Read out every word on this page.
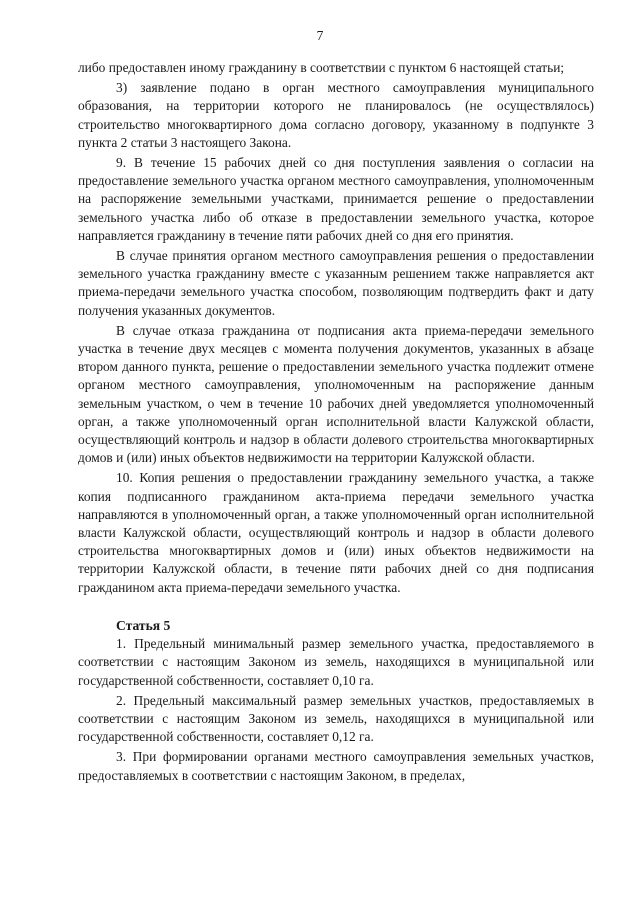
7

либо предоставлен иному гражданину в соответствии с пунктом 6 настоящей статьи;

3) заявление подано в орган местного самоуправления муниципального образования, на территории которого не планировалось (не осуществлялось) строительство многоквартирного дома согласно договору, указанному в подпункте 3 пункта 2 статьи 3 настоящего Закона.

9. В течение 15 рабочих дней со дня поступления заявления о согласии на предоставление земельного участка органом местного самоуправления, уполномоченным на распоряжение земельными участками, принимается решение о предоставлении земельного участка либо об отказе в предоставлении земельного участка, которое направляется гражданину в течение пяти рабочих дней со дня его принятия.

В случае принятия органом местного самоуправления решения о предоставлении земельного участка гражданину вместе с указанным решением также направляется акт приема-передачи земельного участка способом, позволяющим подтвердить факт и дату получения указанных документов.

В случае отказа гражданина от подписания акта приема-передачи земельного участка в течение двух месяцев с момента получения документов, указанных в абзаце втором данного пункта, решение о предоставлении земельного участка подлежит отмене органом местного самоуправления, уполномоченным на распоряжение данным земельным участком, о чем в течение 10 рабочих дней уведомляется уполномоченный орган, а также уполномоченный орган исполнительной власти Калужской области, осуществляющий контроль и надзор в области долевого строительства многоквартирных домов и (или) иных объектов недвижимости на территории Калужской области.

10. Копия решения о предоставлении гражданину земельного участка, а также копия подписанного гражданином акта-приема передачи земельного участка направляются в уполномоченный орган, а также уполномоченный орган исполнительной власти Калужской области, осуществляющий контроль и надзор в области долевого строительства многоквартирных домов и (или) иных объектов недвижимости на территории Калужской области, в течение пяти рабочих дней со дня подписания гражданином акта приема-передачи земельного участка.

Статья 5

1. Предельный минимальный размер земельного участка, предоставляемого в соответствии с настоящим Законом из земель, находящихся в муниципальной или государственной собственности, составляет 0,10 га.

2. Предельный максимальный размер земельных участков, предоставляемых в соответствии с настоящим Законом из земель, находящихся в муниципальной или государственной собственности, составляет 0,12 га.

3. При формировании органами местного самоуправления земельных участков, предоставляемых в соответствии с настоящим Законом, в пределах,
